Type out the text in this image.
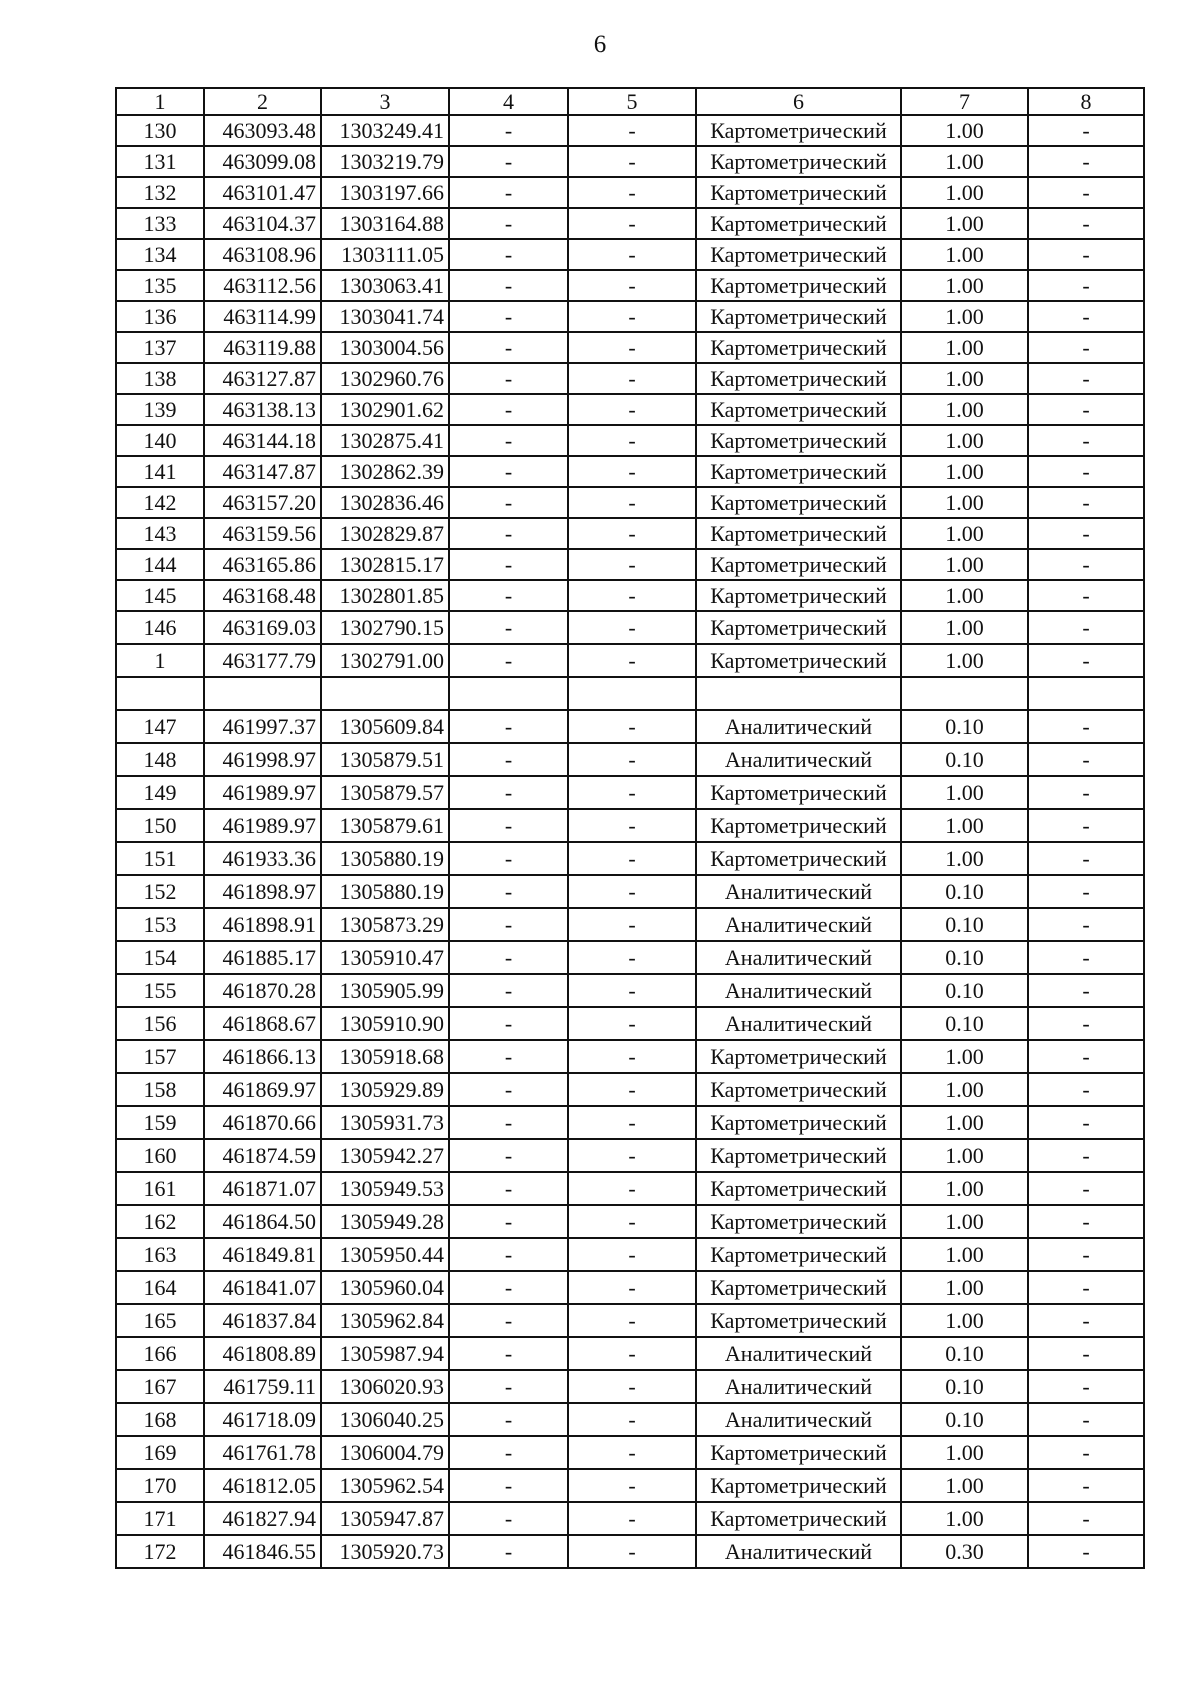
6
1	2	3	4	5	6	7	8
130	463093.48	1303249.41	-	-	Картометрический	1.00	-
131	463099.08	1303219.79	-	-	Картометрический	1.00	-
132	463101.47	1303197.66	-	-	Картометрический	1.00	-
133	463104.37	1303164.88	-	-	Картометрический	1.00	-
134	463108.96	1303111.05	-	-	Картометрический	1.00	-
135	463112.56	1303063.41	-	-	Картометрический	1.00	-
136	463114.99	1303041.74	-	-	Картометрический	1.00	-
137	463119.88	1303004.56	-	-	Картометрический	1.00	-
138	463127.87	1302960.76	-	-	Картометрический	1.00	-
139	463138.13	1302901.62	-	-	Картометрический	1.00	-
140	463144.18	1302875.41	-	-	Картометрический	1.00	-
141	463147.87	1302862.39	-	-	Картометрический	1.00	-
142	463157.20	1302836.46	-	-	Картометрический	1.00	-
143	463159.56	1302829.87	-	-	Картометрический	1.00	-
144	463165.86	1302815.17	-	-	Картометрический	1.00	-
145	463168.48	1302801.85	-	-	Картометрический	1.00	-
146	463169.03	1302790.15	-	-	Картометрический	1.00	-
1	463177.79	1302791.00	-	-	Картометрический	1.00	-

147	461997.37	1305609.84	-	-	Аналитический	0.10	-
148	461998.97	1305879.51	-	-	Аналитический	0.10	-
149	461989.97	1305879.57	-	-	Картометрический	1.00	-
150	461989.97	1305879.61	-	-	Картометрический	1.00	-
151	461933.36	1305880.19	-	-	Картометрический	1.00	-
152	461898.97	1305880.19	-	-	Аналитический	0.10	-
153	461898.91	1305873.29	-	-	Аналитический	0.10	-
154	461885.17	1305910.47	-	-	Аналитический	0.10	-
155	461870.28	1305905.99	-	-	Аналитический	0.10	-
156	461868.67	1305910.90	-	-	Аналитический	0.10	-
157	461866.13	1305918.68	-	-	Картометрический	1.00	-
158	461869.97	1305929.89	-	-	Картометрический	1.00	-
159	461870.66	1305931.73	-	-	Картометрический	1.00	-
160	461874.59	1305942.27	-	-	Картометрический	1.00	-
161	461871.07	1305949.53	-	-	Картометрический	1.00	-
162	461864.50	1305949.28	-	-	Картометрический	1.00	-
163	461849.81	1305950.44	-	-	Картометрический	1.00	-
164	461841.07	1305960.04	-	-	Картометрический	1.00	-
165	461837.84	1305962.84	-	-	Картометрический	1.00	-
166	461808.89	1305987.94	-	-	Аналитический	0.10	-
167	461759.11	1306020.93	-	-	Аналитический	0.10	-
168	461718.09	1306040.25	-	-	Аналитический	0.10	-
169	461761.78	1306004.79	-	-	Картометрический	1.00	-
170	461812.05	1305962.54	-	-	Картометрический	1.00	-
171	461827.94	1305947.87	-	-	Картометрический	1.00	-
172	461846.55	1305920.73	-	-	Аналитический	0.30	-
